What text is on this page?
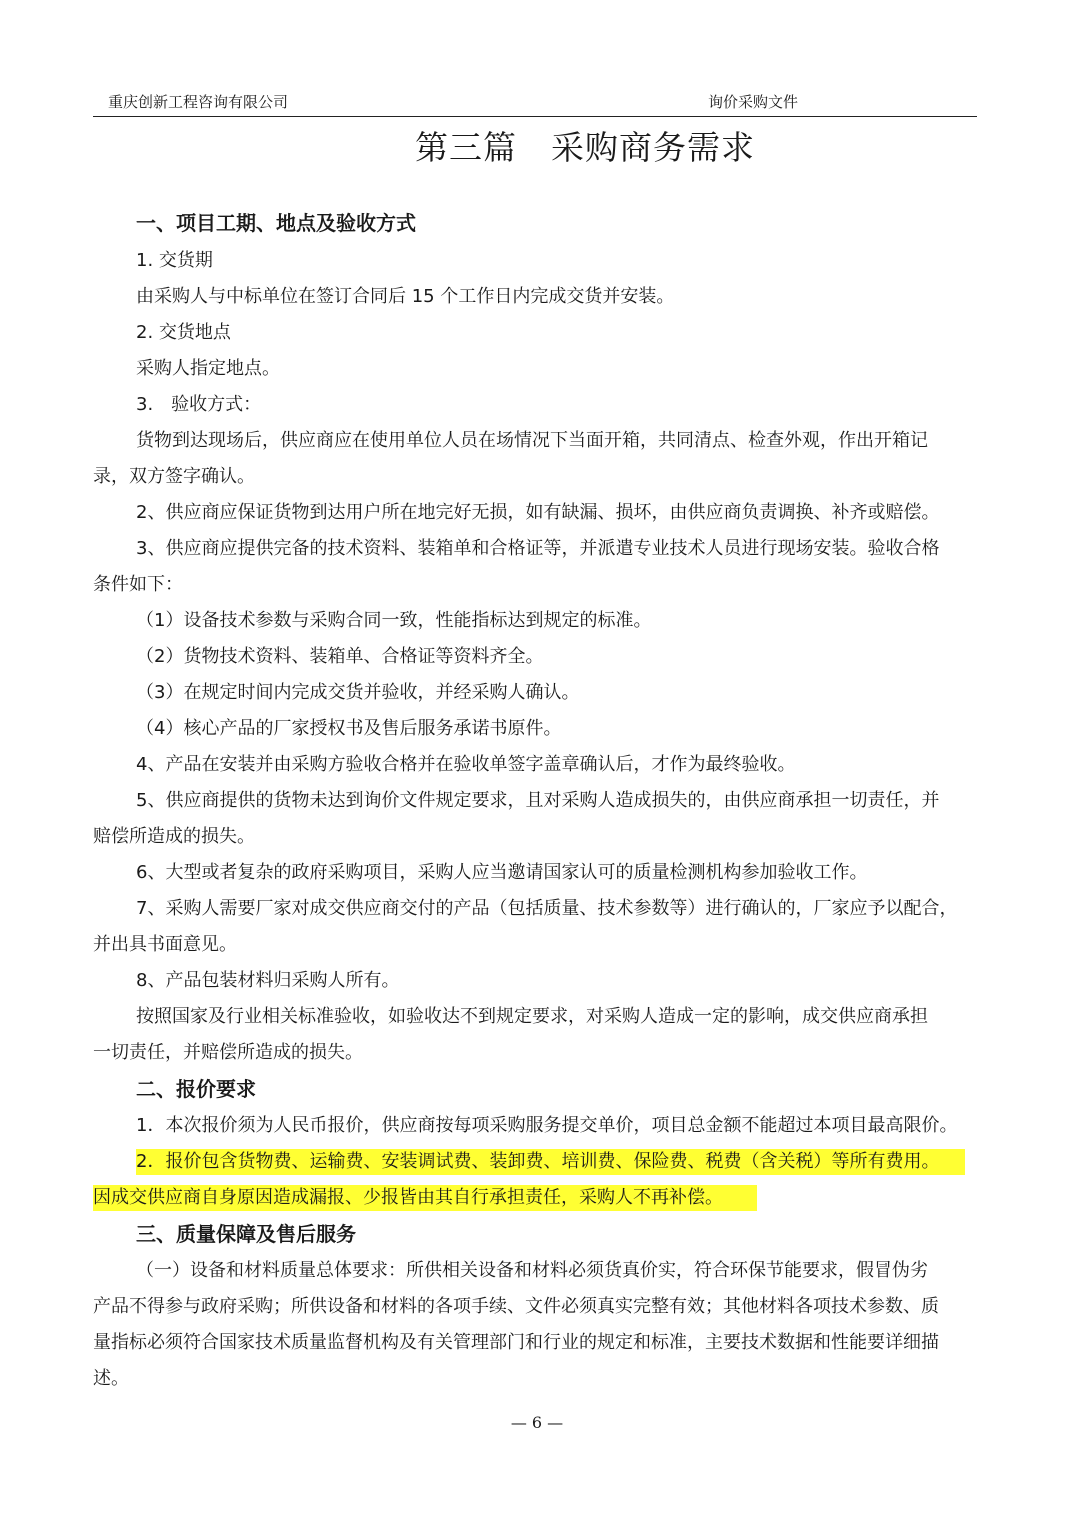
重庆创新工程咨询有限公司	询价采购文件
第三篇　采购商务需求
一、项目工期、地点及验收方式
1. 交货期
由采购人与中标单位在签订合同后 15 个工作日内完成交货并安装。
2. 交货地点
采购人指定地点。
3.　验收方式：
货物到达现场后，供应商应在使用单位人员在场情况下当面开箱，共同清点、检查外观，作出开箱记
录，双方签字确认。
2、供应商应保证货物到达用户所在地完好无损，如有缺漏、损坏，由供应商负责调换、补齐或赔偿。
3、供应商应提供完备的技术资料、装箱单和合格证等，并派遣专业技术人员进行现场安装。验收合格
条件如下：
（1）设备技术参数与采购合同一致，性能指标达到规定的标准。
（2）货物技术资料、装箱单、合格证等资料齐全。
（3）在规定时间内完成交货并验收，并经采购人确认。
（4）核心产品的厂家授权书及售后服务承诺书原件。
4、产品在安装并由采购方验收合格并在验收单签字盖章确认后，才作为最终验收。
5、供应商提供的货物未达到询价文件规定要求，且对采购人造成损失的，由供应商承担一切责任，并
赔偿所造成的损失。
6、大型或者复杂的政府采购项目，采购人应当邀请国家认可的质量检测机构参加验收工作。
7、采购人需要厂家对成交供应商交付的产品（包括质量、技术参数等）进行确认的，厂家应予以配合，
并出具书面意见。
8、产品包装材料归采购人所有。
按照国家及行业相关标准验收，如验收达不到规定要求，对采购人造成一定的影响，成交供应商承担
一切责任，并赔偿所造成的损失。
二、报价要求
1．本次报价须为人民币报价，供应商按每项采购服务提交单价，项目总金额不能超过本项目最高限价。
2．报价包含货物费、运输费、安装调试费、装卸费、培训费、保险费、税费（含关税）等所有费用。
因成交供应商自身原因造成漏报、少报皆由其自行承担责任，采购人不再补偿。
三、质量保障及售后服务
（一）设备和材料质量总体要求：所供相关设备和材料必须货真价实，符合环保节能要求，假冒伪劣
产品不得参与政府采购；所供设备和材料的各项手续、文件必须真实完整有效；其他材料各项技术参数、质
量指标必须符合国家技术质量监督机构及有关管理部门和行业的规定和标准，主要技术数据和性能要详细描
述。
— 6 —
